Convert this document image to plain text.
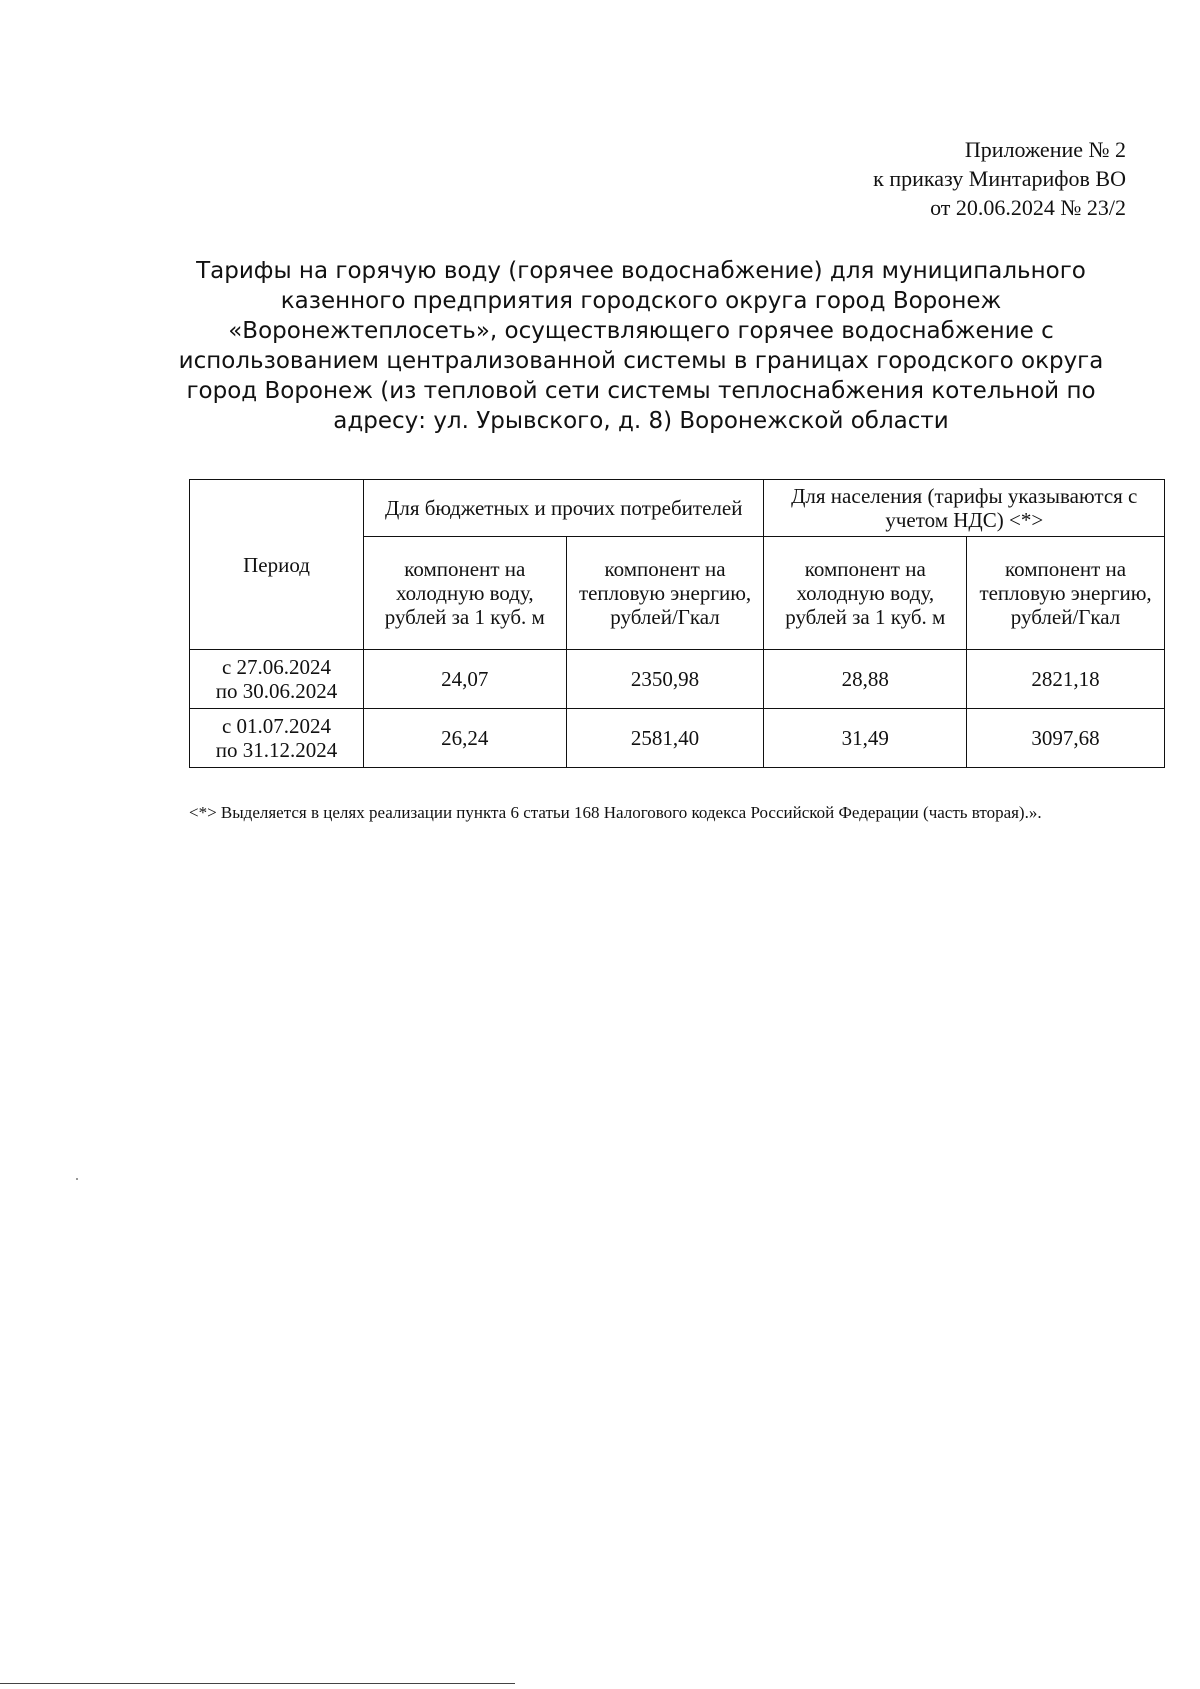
Приложение № 2
к приказу Минтарифов ВО
от 20.06.2024 № 23/2
Тарифы на горячую воду (горячее водоснабжение) для муниципального
казенного предприятия городского округа город Воронеж
«Воронежтеплосеть», осуществляющего горячее водоснабжение с
использованием централизованной системы в границах городского округа
город Воронеж (из тепловой сети системы теплоснабжения котельной по
адресу: ул. Урывского, д. 8) Воронежской области
Период	Для бюджетных и прочих потребителей		Для населения (тарифы указываются с учетом НДС) <*>	
	компонент на холодную воду, рублей за 1 куб. м	компонент на тепловую энергию, рублей/Гкал	компонент на холодную воду, рублей за 1 куб. м	компонент на тепловую энергию, рублей/Гкал

с 27.06.2024
по 30.06.2024	24,07	2350,98	28,88	2821,18

с 01.07.2024
по 31.12.2024	26,24	2581,40	31,49	3097,68
<*> Выделяется в целях реализации пункта 6 статьи 168 Налогового кодекса Российской Федерации (часть вторая).».
